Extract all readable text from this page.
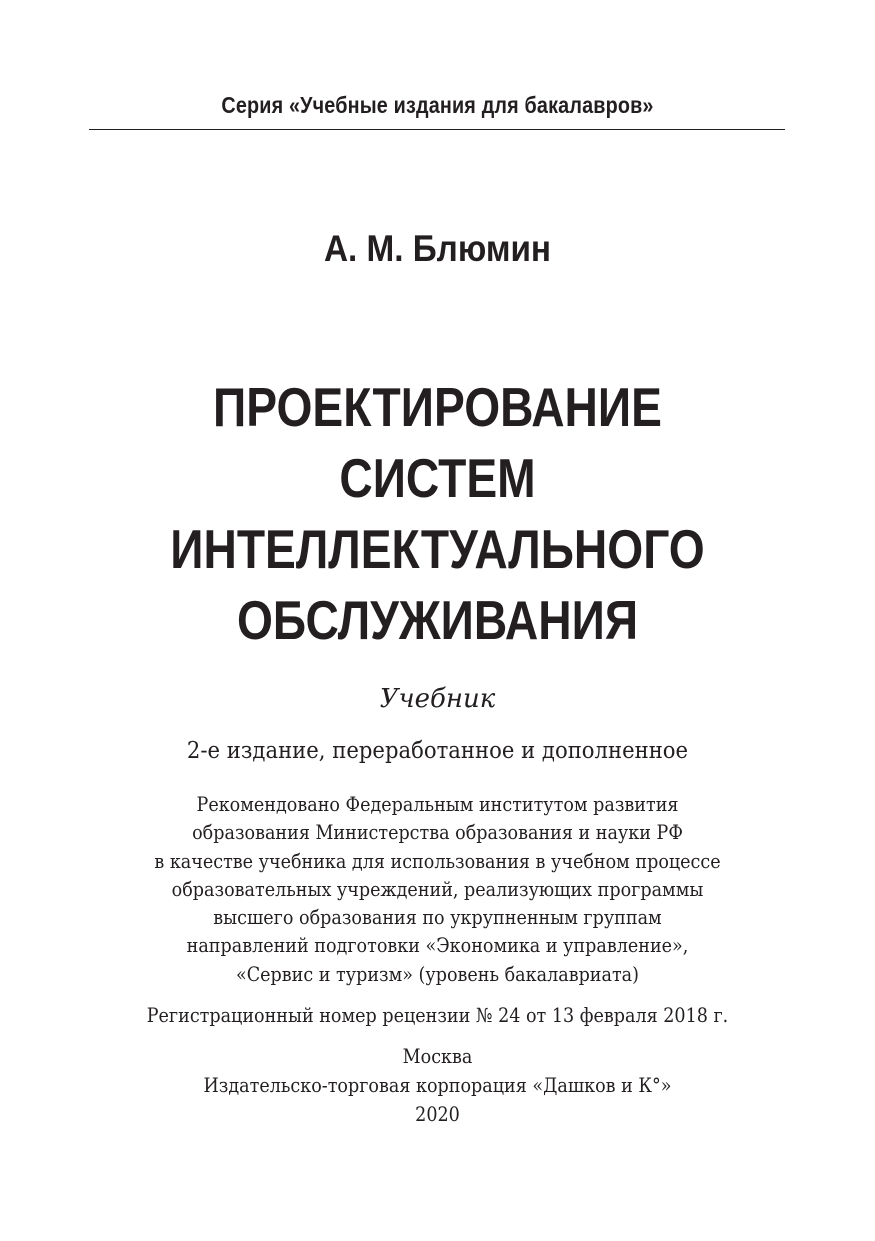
Серия «Учебные издания для бакалавров»
А. М. Блюмин
ПРОЕКТИРОВАНИЕ
СИСТЕМ
ИНТЕЛЛЕКТУАЛЬНОГО
ОБСЛУЖИВАНИЯ
Учебник
2-е издание, переработанное и дополненное
Рекомендовано Федеральным институтом развития
образования Министерства образования и науки РФ
в качестве учебника для использования в учебном процессе
образовательных учреждений, реализующих программы
высшего образования по укрупненным группам
направлений подготовки «Экономика и управление»,
«Сервис и туризм» (уровень бакалавриата)
Регистрационный номер рецензии № 24 от 13 февраля 2018 г.
Москва
Издательско-торговая корпорация «Дашков и К°»
2020
